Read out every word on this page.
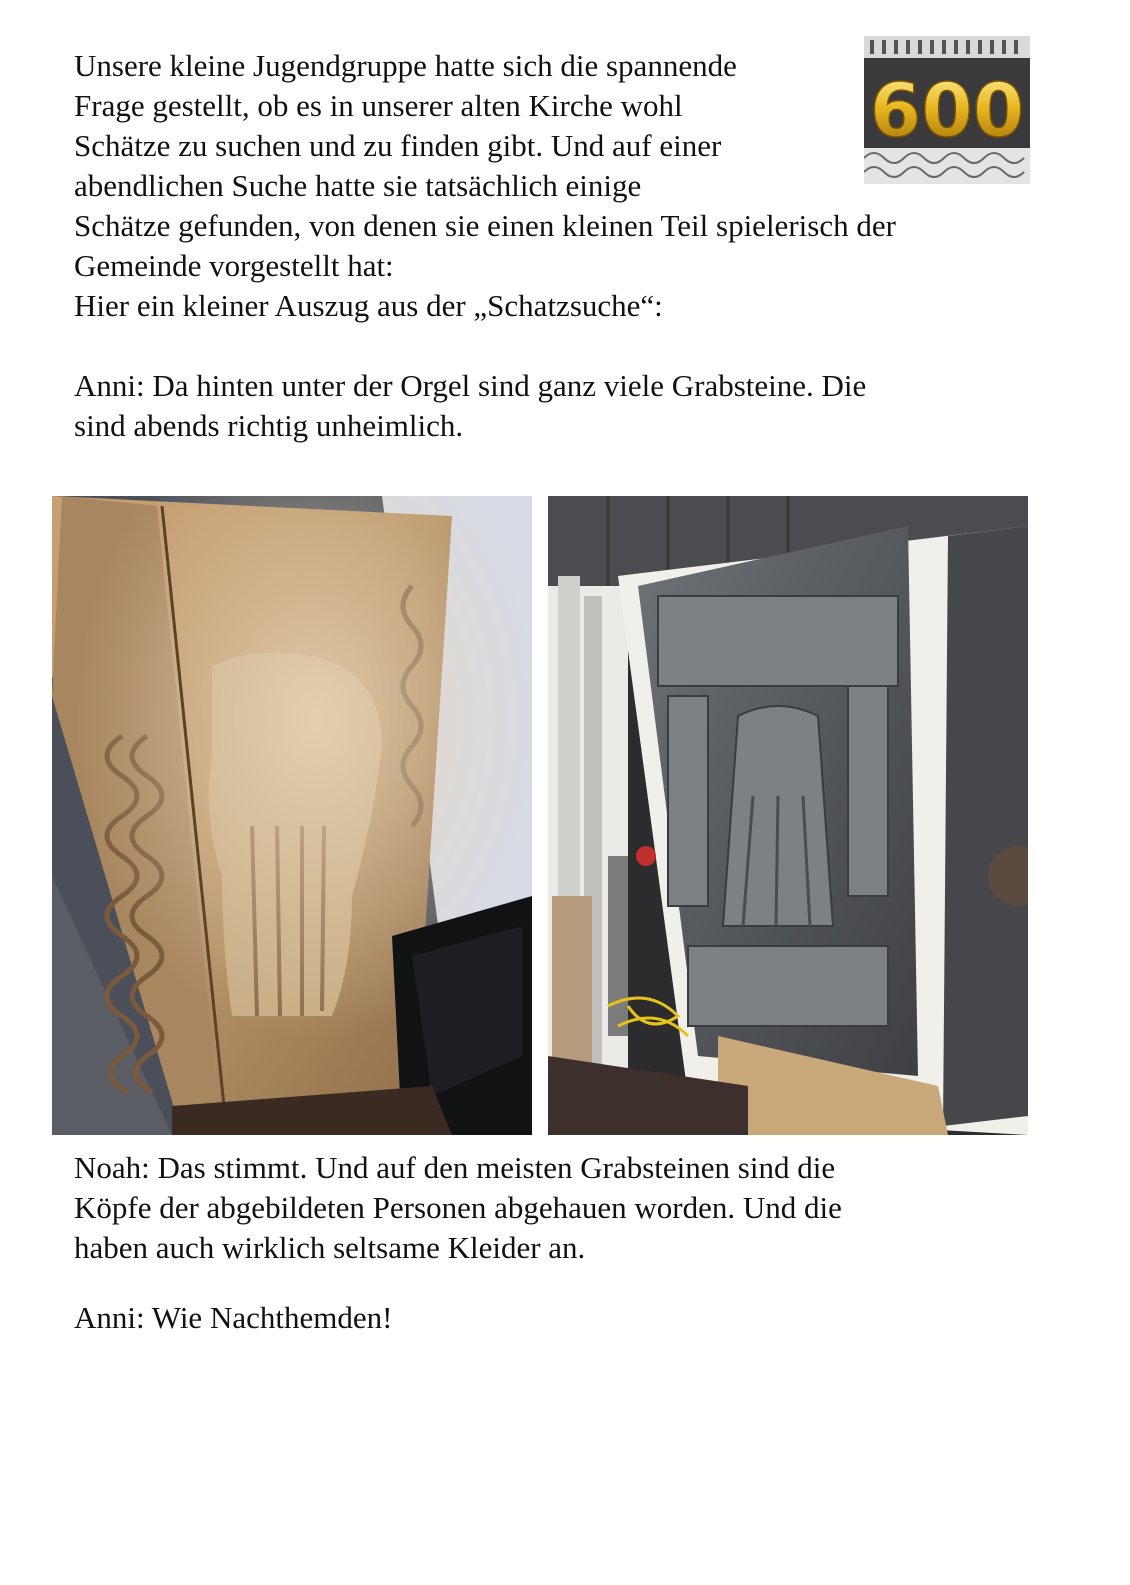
Unsere kleine Jugendgruppe hatte sich die spannende
Frage gestellt, ob es in unserer alten Kirche wohl
Schätze zu suchen und zu finden gibt. Und auf einer
abendlichen Suche hatte sie tatsächlich einige
Schätze gefunden, von denen sie einen kleinen Teil spielerisch der
Gemeinde vorgestellt hat:
Hier ein kleiner Auszug aus der „Schatzsuche“:
600
Anni: Da hinten unter der Orgel sind ganz viele Grabsteine. Die
sind abends richtig unheimlich.
Noah: Das stimmt. Und auf den meisten Grabsteinen sind die
Köpfe der abgebildeten Personen abgehauen worden. Und die
haben auch wirklich seltsame Kleider an.
Anni: Wie Nachthemden!
